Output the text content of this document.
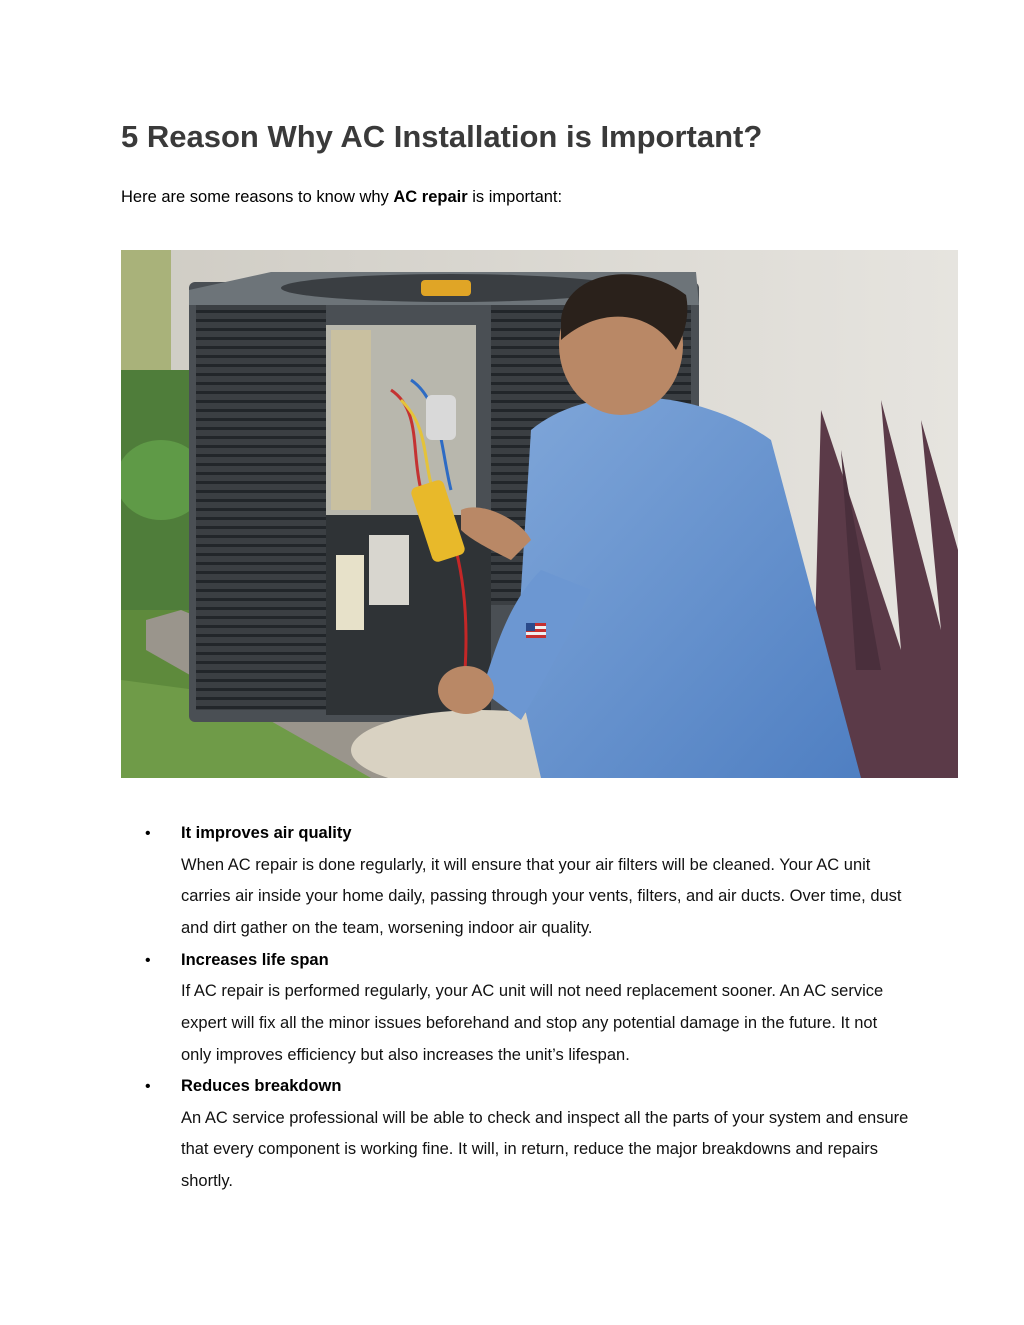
5 Reason Why AC Installation is Important?

Here are some reasons to know why AC repair is important:

• It improves air quality
When AC repair is done regularly, it will ensure that your air filters will be cleaned. Your AC unit carries air inside your home daily, passing through your vents, filters, and air ducts. Over time, dust and dirt gather on the team, worsening indoor air quality.
• Increases life span
If AC repair is performed regularly, your AC unit will not need replacement sooner. An AC service expert will fix all the minor issues beforehand and stop any potential damage in the future. It not only improves efficiency but also increases the unit’s lifespan.
• Reduces breakdown
An AC service professional will be able to check and inspect all the parts of your system and ensure that every component is working fine. It will, in return, reduce the major breakdowns and repairs shortly.
